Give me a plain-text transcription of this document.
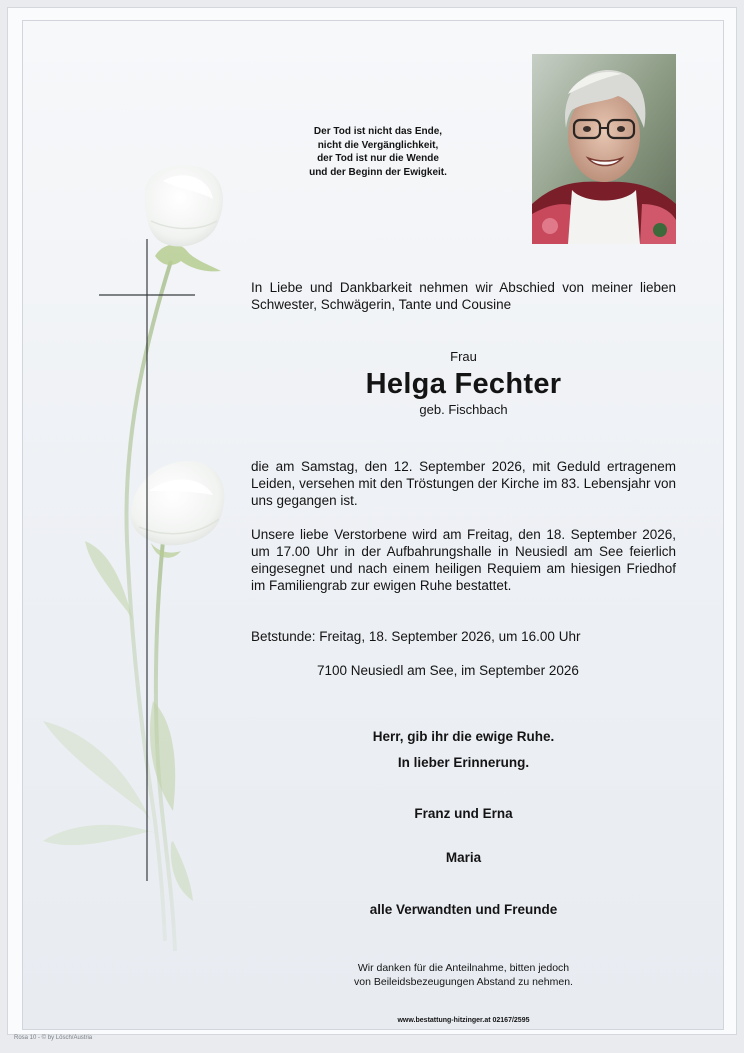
Der Tod ist nicht das Ende,
nicht die Vergänglichkeit,
der Tod ist nur die Wende
und der Beginn der Ewigkeit.
In Liebe und Dankbarkeit nehmen wir Abschied von meiner lieben Schwester, Schwägerin, Tante und Cousine
Frau
Helga Fechter
geb. Fischbach
die am Samstag, den 12. September 2026, mit Geduld ertragenem Leiden, versehen mit den Tröstungen der Kirche im 83. Lebensjahr von uns gegangen ist.
Unsere liebe Verstorbene wird am Freitag, den 18. September 2026, um 17.00 Uhr in der Aufbahrungshalle in Neusiedl am See feierlich eingesegnet und nach einem heiligen Requiem am hiesigen Friedhof im Familiengrab zur ewigen Ruhe bestattet.
Betstunde: Freitag, 18. September 2026, um 16.00 Uhr
7100 Neusiedl am See, im September 2026
Herr, gib ihr die ewige Ruhe.
In lieber Erinnerung.
Franz und Erna
Maria
alle Verwandten und Freunde
Wir danken für die Anteilnahme, bitten jedoch
von Beileidsbezeugungen Abstand zu nehmen.
www.bestattung-hitzinger.at 02167/2595
Rosa 10 - © by Lösch/Austria
